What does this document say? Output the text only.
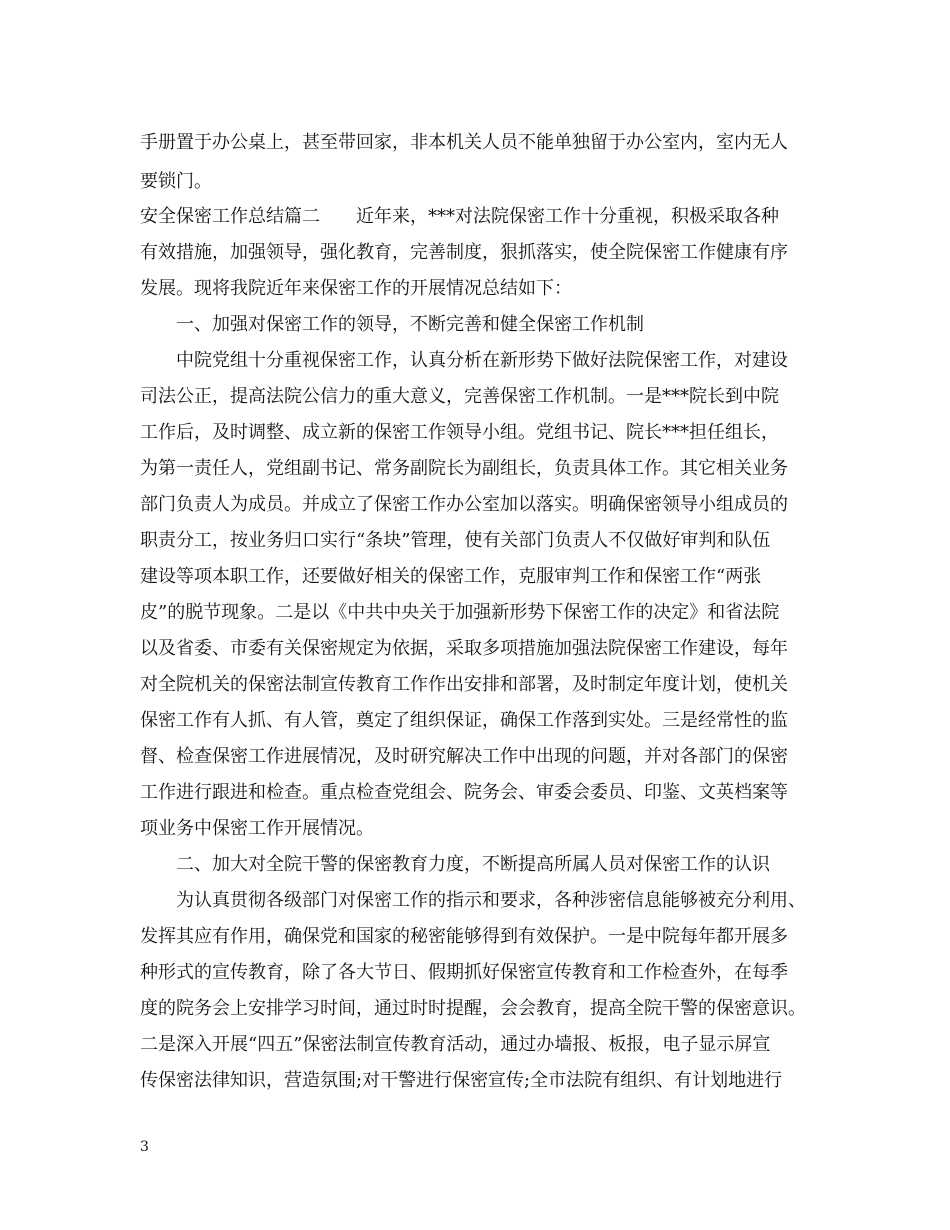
手册置于办公桌上，甚至带回家，非本机关人员不能单独留于办公室内，室内无人
要锁门。
安全保密工作总结篇二　　近年来，***对法院保密工作十分重视，积极采取各种
有效措施，加强领导，强化教育，完善制度，狠抓落实，使全院保密工作健康有序
发展。现将我院近年来保密工作的开展情况总结如下：
一、加强对保密工作的领导，不断完善和健全保密工作机制
中院党组十分重视保密工作，认真分析在新形势下做好法院保密工作，对建设
司法公正，提高法院公信力的重大意义，完善保密工作机制。一是***院长到中院
工作后，及时调整、成立新的保密工作领导小组。党组书记、院长***担任组长，
为第一责任人，党组副书记、常务副院长为副组长，负责具体工作。其它相关业务
部门负责人为成员。并成立了保密工作办公室加以落实。明确保密领导小组成员的
职责分工，按业务归口实行“条块”管理，使有关部门负责人不仅做好审判和队伍
建设等项本职工作，还要做好相关的保密工作，克服审判工作和保密工作“两张
皮”的脱节现象。二是以《中共中央关于加强新形势下保密工作的决定》和省法院
以及省委、市委有关保密规定为依据，采取多项措施加强法院保密工作建设，每年
对全院机关的保密法制宣传教育工作作出安排和部署，及时制定年度计划，使机关
保密工作有人抓、有人管，奠定了组织保证，确保工作落到实处。三是经常性的监
督、检查保密工作进展情况，及时研究解决工作中出现的问题，并对各部门的保密
工作进行跟进和检查。重点检查党组会、院务会、审委会委员、印鉴、文英档案等
项业务中保密工作开展情况。
二、加大对全院干警的保密教育力度，不断提高所属人员对保密工作的认识
为认真贯彻各级部门对保密工作的指示和要求，各种涉密信息能够被充分利用、
发挥其应有作用，确保党和国家的秘密能够得到有效保护。一是中院每年都开展多
种形式的宣传教育，除了各大节日、假期抓好保密宣传教育和工作检查外，在每季
度的院务会上安排学习时间，通过时时提醒，会会教育，提高全院干警的保密意识。
二是深入开展“四五”保密法制宣传教育活动，通过办墙报、板报，电子显示屏宣
传保密法律知识，营造氛围;对干警进行保密宣传;全市法院有组织、有计划地进行
3
